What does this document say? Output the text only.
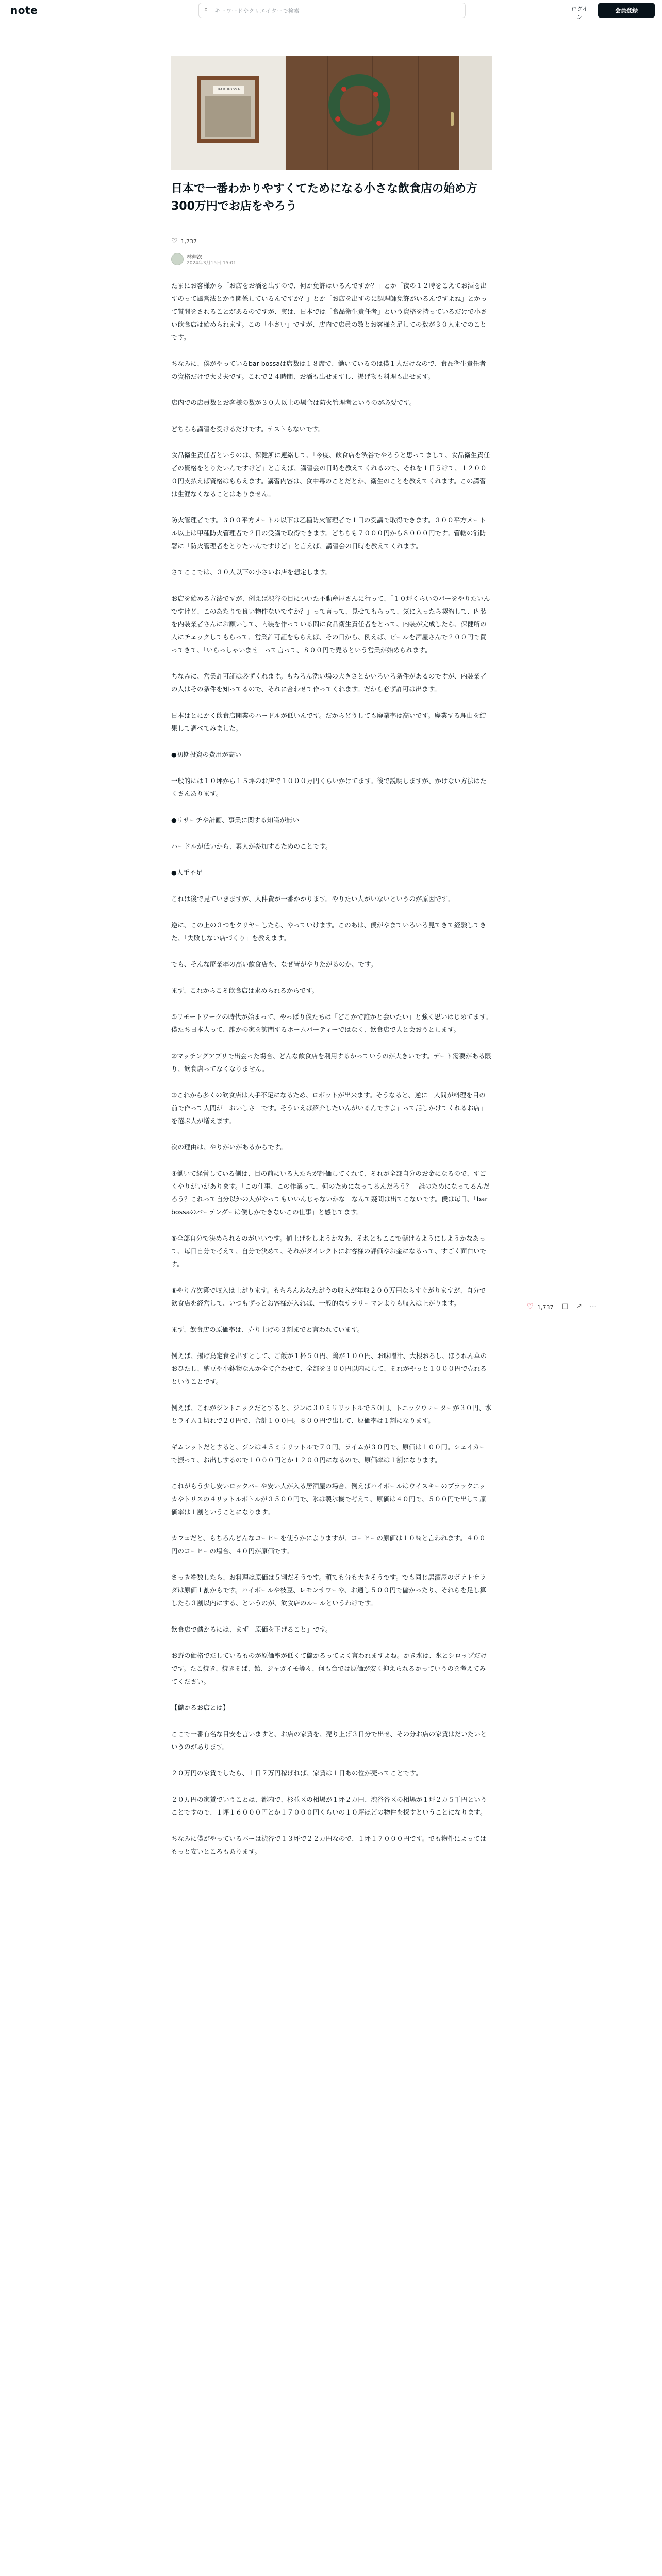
note	⌕
キーワードやクリエイターで検索	ログイン
会員登録
BAR BOSSA
日本で一番わかりやすくてためになる小さな飲食店の始め方　300万円でお店をやろう
♡ 1,737
林伸次
2024年3月15日 15:01

たまにお客様から「お店をお酒を出すので、何か免許はいるんですか？」とか「夜の１２時をこえてお酒を出すのって風営法とかう関係しているんですか？」とか「お店を出すのに調理師免許がいるんですよね」とかって質問をされることがあるのですが、実は、日本では「食品衛生責任者」という資格を持っているだけで小さい飲食店は始められます。この「小さい」ですが、店内で店員の数とお客様を足しての数が３０人までのことです。

ちなみに、僕がやっているbar bossaは席数は１８席で、働いているのは僕１人だけなので、食品衛生責任者の資格だけで大丈夫です。これで２４時間、お酒も出せますし、揚げ物も料理も出せます。

店内での店員数とお客様の数が３０人以上の場合は防火管理者というのが必要です。

どちらも講習を受けるだけです。テストもないです。

食品衛生責任者というのは、保健所に連絡して、「今度、飲食店を渋谷でやろうと思ってまして、食品衛生責任者の資格をとりたいんですけど」と言えば、講習会の日時を教えてくれるので、それを１日うけて、１２０００円支払えば資格はもらえます。講習内容は、食中毒のことだとか、衛生のことを教えてくれます。この講習は生涯なくなることはありません。

防火管理者です。３００平方メートル以下は乙種防火管理者で１日の受講で取得できます。３００平方メートル以上は甲種防火管理者で２日の受講で取得できます。どちらも７０００円から８０００円です。管轄の消防署に「防火管理者をとりたいんですけど」と言えば、講習会の日時を教えてくれます。

さてここでは、３０人以下の小さいお店を想定します。

お店を始める方法ですが、例えば渋谷の目についた不動産屋さんに行って、「１０坪くらいのバーをやりたいんですけど、このあたりで良い物件ないですか？」って言って、見せてもらって、気に入ったら契約して、内装を内装業者さんにお願いして、内装を作っている間に食品衛生責任者をとって、内装が完成したら、保健所の人にチェックしてもらって、営業許可証をもらえば、その日から、例えば、ビールを酒屋さんで２００円で買ってきて、「いらっしゃいませ」って言って、８００円で売るという営業が始められます。

ちなみに、営業許可証は必ずくれます。もちろん洗い場の大きさとかいろいろ条件があるのですが、内装業者の人はその条件を知ってるので、それに合わせて作ってくれます。だから必ず許可は出ます。

日本はとにかく飲食店開業のハードルが低いんです。だからどうしても廃業率は高いです。廃業する理由を結果して調べてみました。

●初期投資の費用が高い

一般的には１０坪から１５坪のお店で１０００万円くらいかけてます。後で説明しますが、かけない方法はたくさんあります。

●リサーチや計画、事業に関する知識が無い

ハードルが低いから、素人が参加するためのことです。

●人手不足

これは後で見ていきますが、人件費が一番かかります。やりたい人がいないというのが原因です。

逆に、この上の３つをクリヤーしたら、やっていけます。このあは、僕がやまていろいろ見てきて経験してきた、「失敗しない店づくり」を教えます。

でも、そんな廃業率の高い飲食店を、なぜ皆がやりたがるのか、です。

まず、これからこそ飲食店は求められるからです。

①リモートワークの時代が始まって、やっぱり僕たちは「どこかで誰かと会いたい」と強く思いはじめてます。僕たち日本人って、誰かの家を訪問するホームパーティーではなく、飲食店で人と会おうとします。

②マッチングアプリで出会った場合、どんな飲食店を利用するかっていうのが大きいです。デート需要がある限り、飲食店ってなくなりません。

③これから多くの飲食店は人手不足になるため、ロボットが出来ます。そうなると、逆に「人間が料理を目の前で作って人間が「おいしさ」です。そういえば紹介したいんがいるんですよ」って話しかけてくれるお店」を選ぶ人が増えます。

次の理由は、やりがいがあるからです。

④働いて経営している側は、目の前にいる人たちが評価してくれて、それが全部自分のお金になるので、すごくやりがいがあります。「この仕事、この作業って、何のためになってるんだろう？　誰のためになってるんだろう？これって自分以外の人がやってもいいんじゃないかな」なんて疑問は出てこないです。僕は毎日、「bar bossaのバーテンダーは僕しかできないこの仕事」と感じてます。

⑤全部自分で決められるのがいいです。値上げをしようかなあ、それともここで儲けるようにしようかなあって、毎日自分で考えて、自分で決めて、それがダイレクトにお客様の評価やお金になるって、すごく面白いです。

⑥やり方次第で収入は上がります。もちろんあなたが今の収入が年収２００万円ならすぐがりますが、自分で飲食店を経営して、いつもずっとお客様が入れば、一般的なサラリーマンよりも収入は上がります。

まず、飲食店の原価率は、売り上げの３割までと言われています。

例えば、揚げ鳥定食を出すとして、ご飯が１杯５０円、鶏が１００円、お味噌汁、大根おろし、ほうれん草のおひたし、納豆や小鉢物なんか全て合わせて、全部を３００円以内にして、それがやっと１０００円で売れるということです。

例えば、これがジントニックだとすると、ジンは３０ミリリットルで５０円、トニックウォーターが３０円、氷とライム１切れで２０円で、合計１００円。８００円で出して、原価率は１割になります。

ギムレットだとすると、ジンは４５ミリリットルで７０円、ライムが３０円で、原価は１００円。シェイカーで振って、お出しするので１０００円とか１２００円になるので、原価率は１割になります。

これがもう少し安いロックバーや安い人が入る居酒屋の場合、例えばハイボールはウイスキーのブラックニッカやトリスの４リットルボトルが３５００円で、氷は製氷機で考えて、原価は４０円で、５００円で出して原価率は１割ということになります。

カフェだと、もちろんどんなコーヒーを使うかによりますが、コーヒーの原価は１０％と言われます。４００円のコーヒーの場合、４０円が原価です。

さっき端数したら、お料理は原価は５割だそうです。頑ても分も大きそうです。でも同じ居酒屋のポテトサラダは原価１割かもです。ハイボールや枝豆、レモンサワーや、お通し５００円で儲かったり、それらを足し算したら３割以内にする、というのが、飲食店のルールというわけです。

飲食店で儲かるには、まず「原価を下げること」です。

お野の価格でだしているものが原価率が低くて儲かるってよく言われますよね。かき氷は、氷とシロップだけです。たこ焼き、焼きそば、飴、ジャガイモ等々、何も台では原価が安く抑えられるかっていうのを考えてみてください。

【儲かるお店とは】

ここで一番有名な目安を言いますと、お店の家賃を、売り上げ３日分で出せ、その分お店の家賃はだいたいというのがあります。

２０万円の家賃でしたら、１日７万円稼げれば、家賃は１日あの位が売ってことです。

２０万円の家賃でいうことは、都内で、杉並区の相場が１坪２万円、渋谷谷区の相場が１坪２万５千円ということですので、１坪１６０００円とか１７０００円くらいの１０坪ほどの物件を探すということになります。

ちなみに僕がやっているバーは渋谷で１３坪で２２万円なので、１坪１７０００円です。でも物件によってはもっと安いところもあります。

♡ 1,737 □ ↗ ⋯
